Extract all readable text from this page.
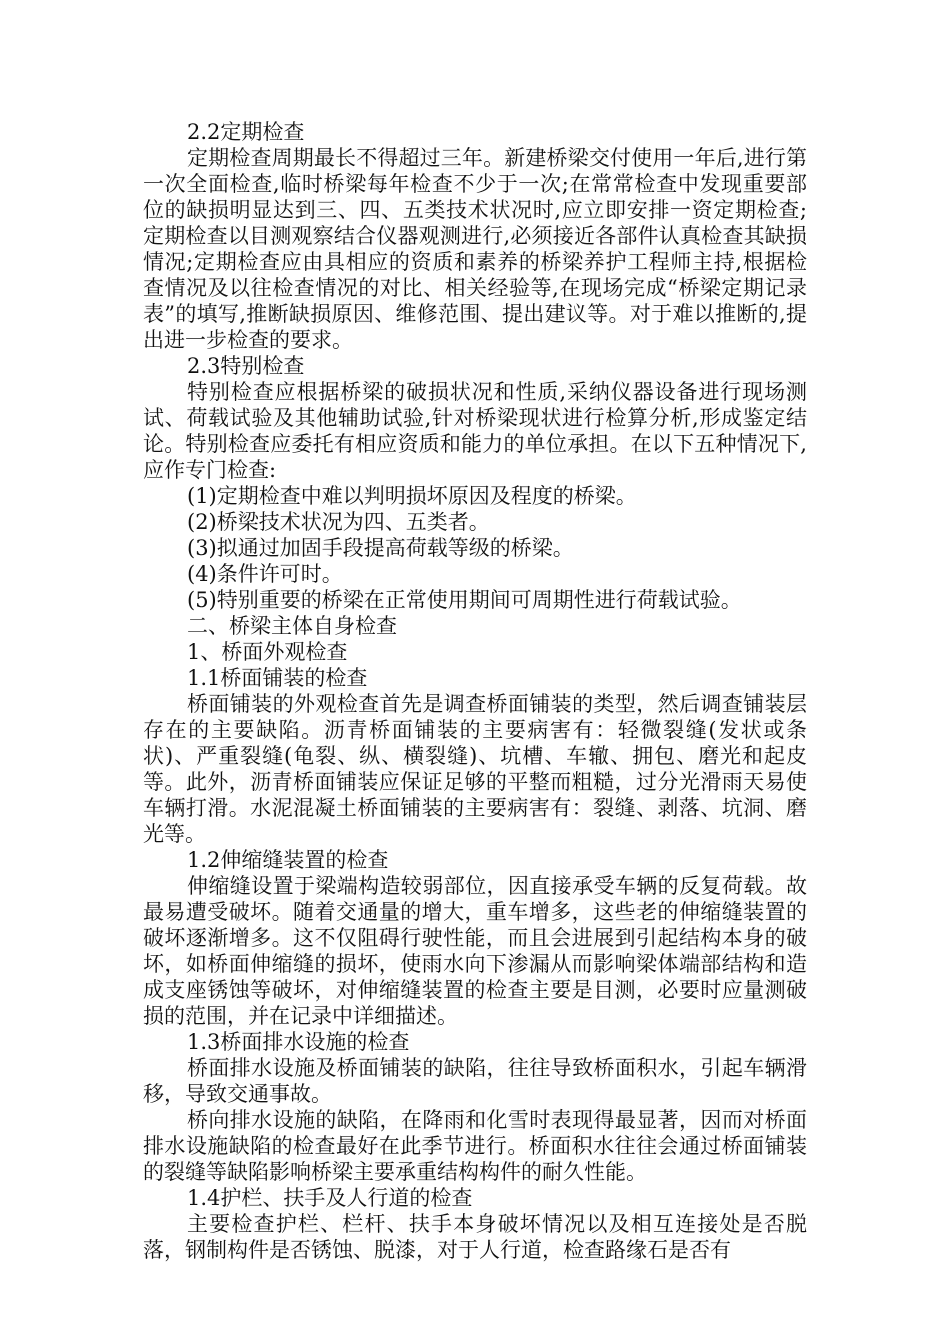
2.2定期检查

定期检查周期最长不得超过三年。新建桥梁交付使用一年后,进行第一次全面检查,临时桥梁每年检查不少于一次;在常常检查中发现重要部位的缺损明显达到三、四、五类技术状况时,应立即安排一资定期检查;定期检查以目测观察结合仪器观测进行,必须接近各部件认真检查其缺损情况;定期检查应由具相应的资质和素养的桥梁养护工程师主持,根据检查情况及以往检查情况的对比、相关经验等,在现场完成“桥梁定期记录表”的填写,推断缺损原因、维修范围、提出建议等。对于难以推断的,提出进一步检查的要求。

2.3特别检查

特别检查应根据桥梁的破损状况和性质,采纳仪器设备进行现场测试、荷载试验及其他辅助试验,针对桥梁现状进行检算分析,形成鉴定结论。特别检查应委托有相应资质和能力的单位承担。在以下五种情况下,应作专门检查:

(1)定期检查中难以判明损坏原因及程度的桥梁。

(2)桥梁技术状况为四、五类者。

(3)拟通过加固手段提高荷载等级的桥梁。

(4)条件许可时。

(5)特别重要的桥梁在正常使用期间可周期性进行荷载试验。

二、桥梁主体自身检查

1、桥面外观检查

1.1桥面铺装的检查

桥面铺装的外观检查首先是调查桥面铺装的类型，然后调查铺装层存在的主要缺陷。沥青桥面铺装的主要病害有：轻微裂缝(发状或条状)、严重裂缝(龟裂、纵、横裂缝)、坑槽、车辙、拥包、磨光和起皮等。此外，沥青桥面铺装应保证足够的平整而粗糙，过分光滑雨天易使车辆打滑。水泥混凝土桥面铺装的主要病害有：裂缝、剥落、坑洞、磨光等。

1.2伸缩缝装置的检查

伸缩缝设置于梁端构造较弱部位，因直接承受车辆的反复荷载。故最易遭受破坏。随着交通量的增大，重车增多，这些老的伸缩缝装置的破坏逐渐增多。这不仅阻碍行驶性能，而且会进展到引起结构本身的破坏，如桥面伸缩缝的损坏，使雨水向下渗漏从而影响梁体端部结构和造成支座锈蚀等破坏，对伸缩缝装置的检查主要是目测，必要时应量测破损的范围，并在记录中详细描述。

1.3桥面排水设施的检查

桥面排水设施及桥面铺装的缺陷，往往导致桥面积水，引起车辆滑移，导致交通事故。

桥向排水设施的缺陷，在降雨和化雪时表现得最显著，因而对桥面排水设施缺陷的检查最好在此季节进行。桥面积水往往会通过桥面铺装的裂缝等缺陷影响桥梁主要承重结构构件的耐久性能。

1.4护栏、扶手及人行道的检查

主要检查护栏、栏杆、扶手本身破坏情况以及相互连接处是否脱落，钢制构件是否锈蚀、脱漆，对于人行道，检查路缘石是否有
